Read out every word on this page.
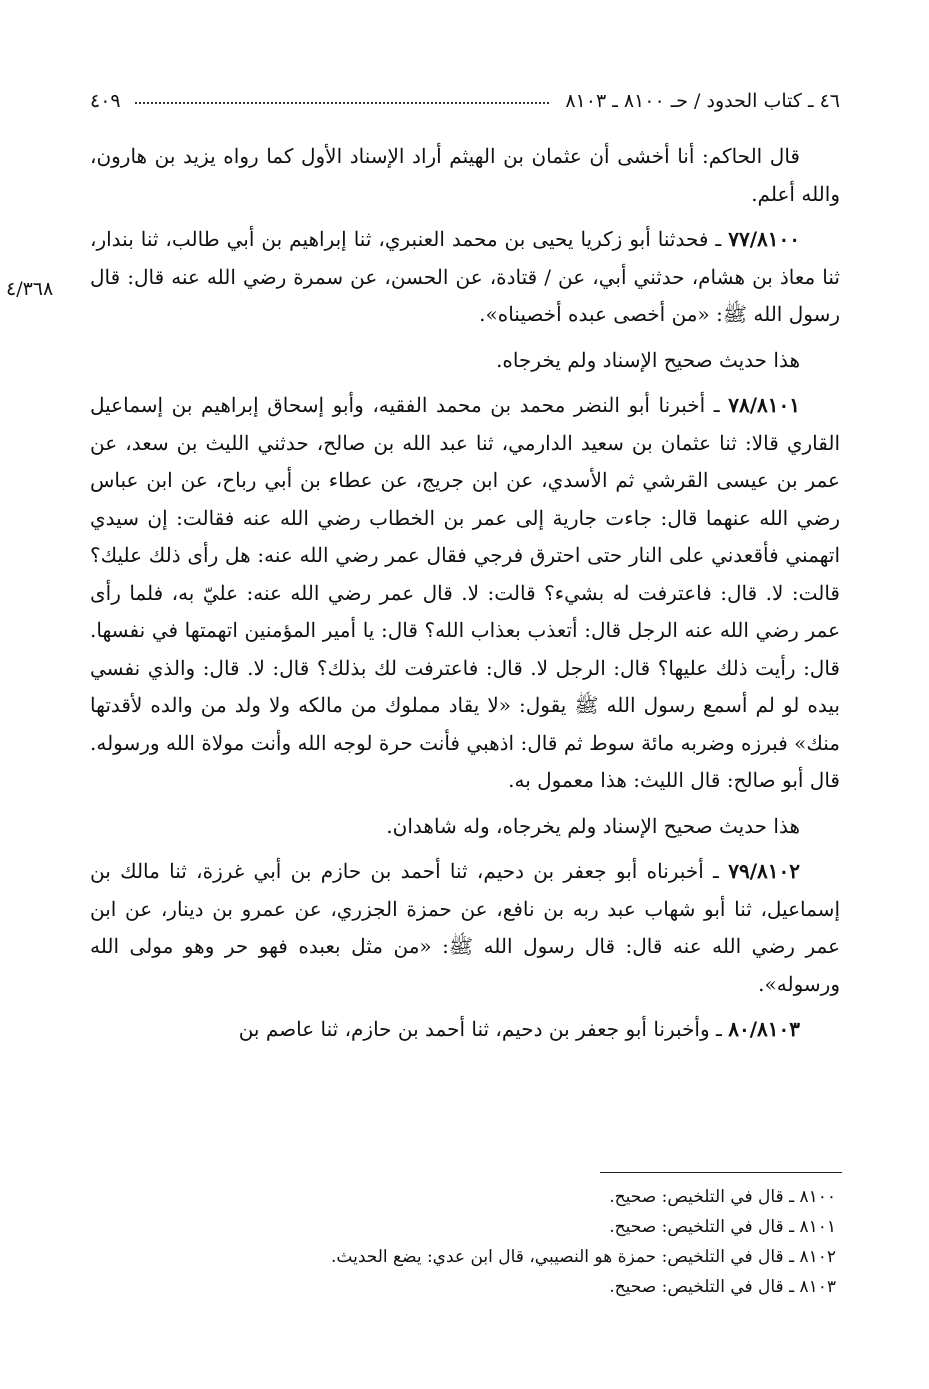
٤٦ ـ كتاب الحدود / حـ ٨١٠٠ ـ ٨١٠٣
٤٠٩
٤/٣٦٨

قال الحاكم: أنا أخشى أن عثمان بن الهيثم أراد الإسناد الأول كما رواه يزيد بن هارون، والله أعلم.

٧٧/٨١٠٠ ـ فحدثنا أبو زكريا يحيى بن محمد العنبري، ثنا إبراهيم بن أبي طالب، ثنا بندار، ثنا معاذ بن هشام، حدثني أبي، عن / قتادة، عن الحسن، عن سمرة رضي الله عنه قال: قال رسول الله ﷺ: «من أخصى عبده أخصيناه».

هذا حديث صحيح الإسناد ولم يخرجاه.

٧٨/٨١٠١ ـ أخبرنا أبو النضر محمد بن محمد الفقيه، وأبو إسحاق إبراهيم بن إسماعيل القاري قالا: ثنا عثمان بن سعيد الدارمي، ثنا عبد الله بن صالح، حدثني الليث بن سعد، عن عمر بن عيسى القرشي ثم الأسدي، عن ابن جريج، عن عطاء بن أبي رباح، عن ابن عباس رضي الله عنهما قال: جاءت جارية إلى عمر بن الخطاب رضي الله عنه فقالت: إن سيدي اتهمني فأقعدني على النار حتى احترق فرجي فقال عمر رضي الله عنه: هل رأى ذلك عليك؟ قالت: لا. قال: فاعترفت له بشيء؟ قالت: لا. قال عمر رضي الله عنه: عليّ به، فلما رأى عمر رضي الله عنه الرجل قال: أتعذب بعذاب الله؟ قال: يا أمير المؤمنين اتهمتها في نفسها. قال: رأيت ذلك عليها؟ قال: الرجل لا. قال: فاعترفت لك بذلك؟ قال: لا. قال: والذي نفسي بيده لو لم أسمع رسول الله ﷺ يقول: «لا يقاد مملوك من مالكه ولا ولد من والده لأقدتها منك» فبرزه وضربه مائة سوط ثم قال: اذهبي فأنت حرة لوجه الله وأنت مولاة الله ورسوله. قال أبو صالح: قال الليث: هذا معمول به.

هذا حديث صحيح الإسناد ولم يخرجاه، وله شاهدان.

٧٩/٨١٠٢ ـ أخبرناه أبو جعفر بن دحيم، ثنا أحمد بن حازم بن أبي غرزة، ثنا مالك بن إسماعيل، ثنا أبو شهاب عبد ربه بن نافع، عن حمزة الجزري، عن عمرو بن دينار، عن ابن عمر رضي الله عنه قال: قال رسول الله ﷺ: «من مثل بعبده فهو حر وهو مولى الله ورسوله».

٨٠/٨١٠٣ ـ وأخبرنا أبو جعفر بن دحيم، ثنا أحمد بن حازم، ثنا عاصم بن

٨١٠٠ ـ قال في التلخيص: صحيح.

٨١٠١ ـ قال في التلخيص: صحيح.

٨١٠٢ ـ قال في التلخيص: حمزة هو النصيبي، قال ابن عدي: يضع الحديث.

٨١٠٣ ـ قال في التلخيص: صحيح.
